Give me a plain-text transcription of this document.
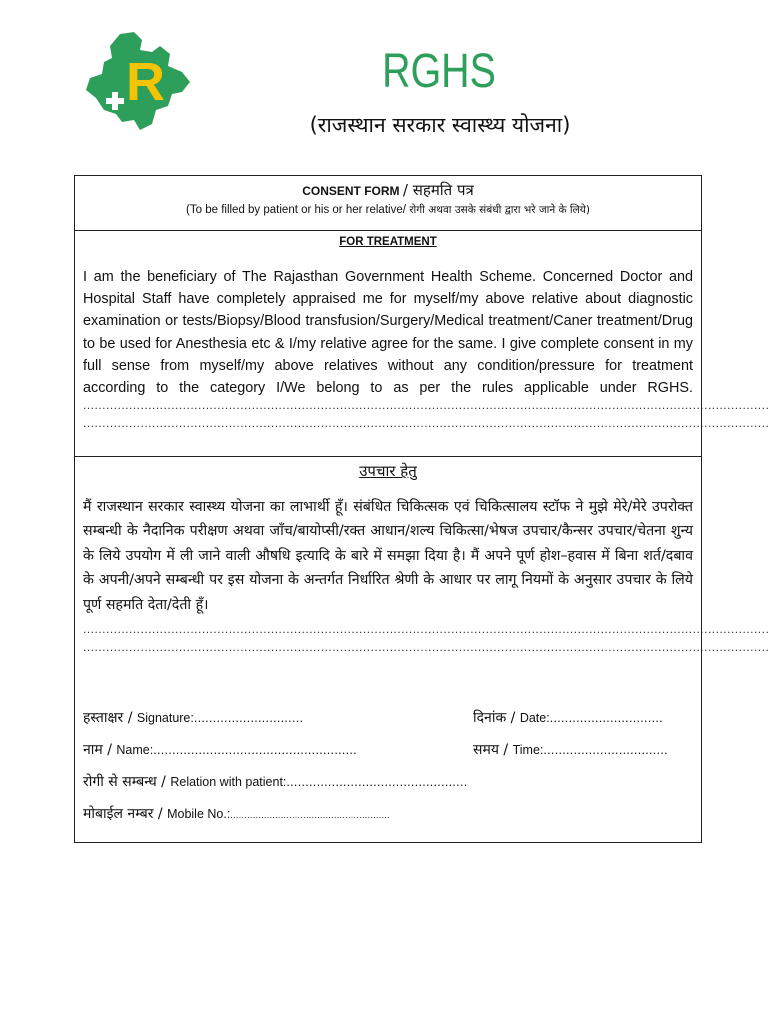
R	RGHS
(राजस्थान सरकार स्वास्थ्य योजना)
CONSENT FORM / सहमति पत्र
(To be filled by patient or his or her relative/ रोगी अथवा उसके संबंधी द्वारा भरे जाने के लिये)
FOR TREATMENT
I am the beneficiary of The Rajasthan Government Health Scheme. Concerned Doctor and Hospital Staff have completely appraised me for myself/my above relative about diagnostic examination or tests/Biopsy/Blood transfusion/Surgery/Medical treatment/Caner treatment/Drug to be used for Anesthesia etc & I/my relative agree for the same. I give complete consent in my full sense from myself/my above relatives without any condition/pressure for treatment according to the category I/We belong to as per the rules applicable under RGHS.
...................................................................................................................................................................................
...................................................................................................................................................................................
उपचार हेतु
मैं राजस्थान सरकार स्वास्थ्य योजना का लाभार्थी हूँ। संबंधित चिकित्सक एवं चिकित्सालय स्टॉफ ने मुझे मेरे/मेरे उपरोक्त सम्बन्धी के नैदानिक परीक्षण अथवा जाँच/बायोप्सी/रक्त आधान/शल्य चिकित्सा/भेषज उपचार/कैन्सर उपचार/चेतना शुन्य के लिये उपयोग में ली जाने वाली औषधि इत्यादि के बारे में समझा दिया है। मैं अपने पूर्ण होश–हवास में बिना शर्त/दबाव के अपनी/अपने सम्बन्धी पर इस योजना के अन्तर्गत निर्धारित श्रेणी के आधार पर लागू नियमों के अनुसार उपचार के लिये पूर्ण सहमति देता/देती हूँ।
...................................................................................................................................................................................
...................................................................................................................................................................................
हस्ताक्षर / Signature:.............................	दिनांक / Date:..............................
नाम / Name:......................................................	समय / Time:.................................
रोगी से सम्बन्ध / Relation with patient:................................................
मोबाईल नम्बर / Mobile No.:.........................................................
